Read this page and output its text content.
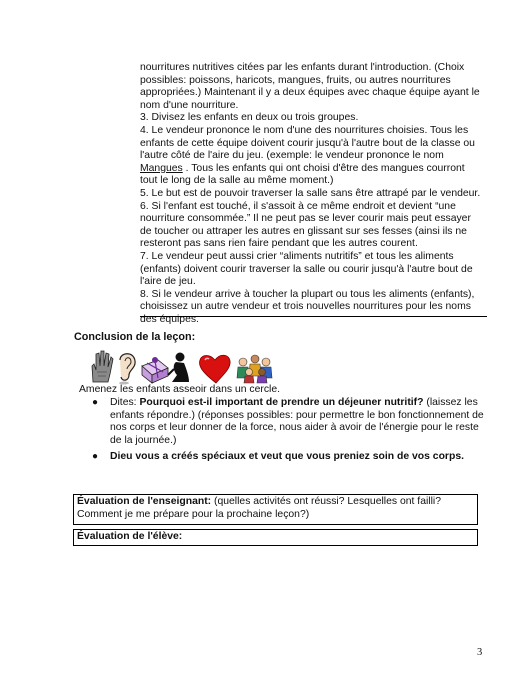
nourritures nutritives citées par les enfants durant l'introduction. (Choix

possibles: poissons, haricots, mangues, fruits, ou autres nourritures

appropriées.) Maintenant il y a deux équipes avec chaque équipe ayant le

nom d'une nourriture.

3. Divisez les enfants en deux ou trois groupes.

4. Le vendeur prononce le nom d'une des nourritures choisies. Tous les

enfants de cette équipe doivent courir jusqu'à l'autre bout de la classe ou

l'autre côté de l'aire du jeu. (exemple: le vendeur prononce le nom

Mangues . Tous les enfants qui ont choisi d'être des mangues courront

tout le long de la salle au même moment.)

5. Le but est de pouvoir traverser la salle sans être attrapé par le vendeur.

6. Si l'enfant est touché, il s'assoit à ce même endroit et devient “une

nourriture consommée.” Il ne peut pas se lever courir mais peut essayer

de toucher ou attraper les autres en glissant sur ses fesses (ainsi ils ne

resteront pas sans rien faire pendant que les autres courent.

7. Le vendeur peut aussi crier “aliments nutritifs” et tous les aliments

(enfants) doivent courir traverser la salle ou courir jusqu'à l'autre bout de

l'aire de jeu.

8. Si le vendeur arrive à toucher la plupart ou tous les aliments (enfants),

choisissez un autre vendeur et trois nouvelles nourritures pour les noms

des équipes.

Conclusion de la leçon:
Amenez les enfants asseoir dans un cercle.
● Dites: Pourquoi est-il important de prendre un déjeuner nutritif? (laissez les enfants répondre.) (réponses possibles: pour permettre le bon fonctionnement de nos corps et leur donner de la force, nous aider à avoir de l'énergie pour le reste de la journée.)
● Dieu vous a créés spéciaux et veut que vous preniez soin de vos corps.
Évaluation de l'enseignant: (quelles activités ont réussi? Lesquelles ont failli? Comment je me prépare pour la prochaine leçon?)
Évaluation de l'élève:
3
